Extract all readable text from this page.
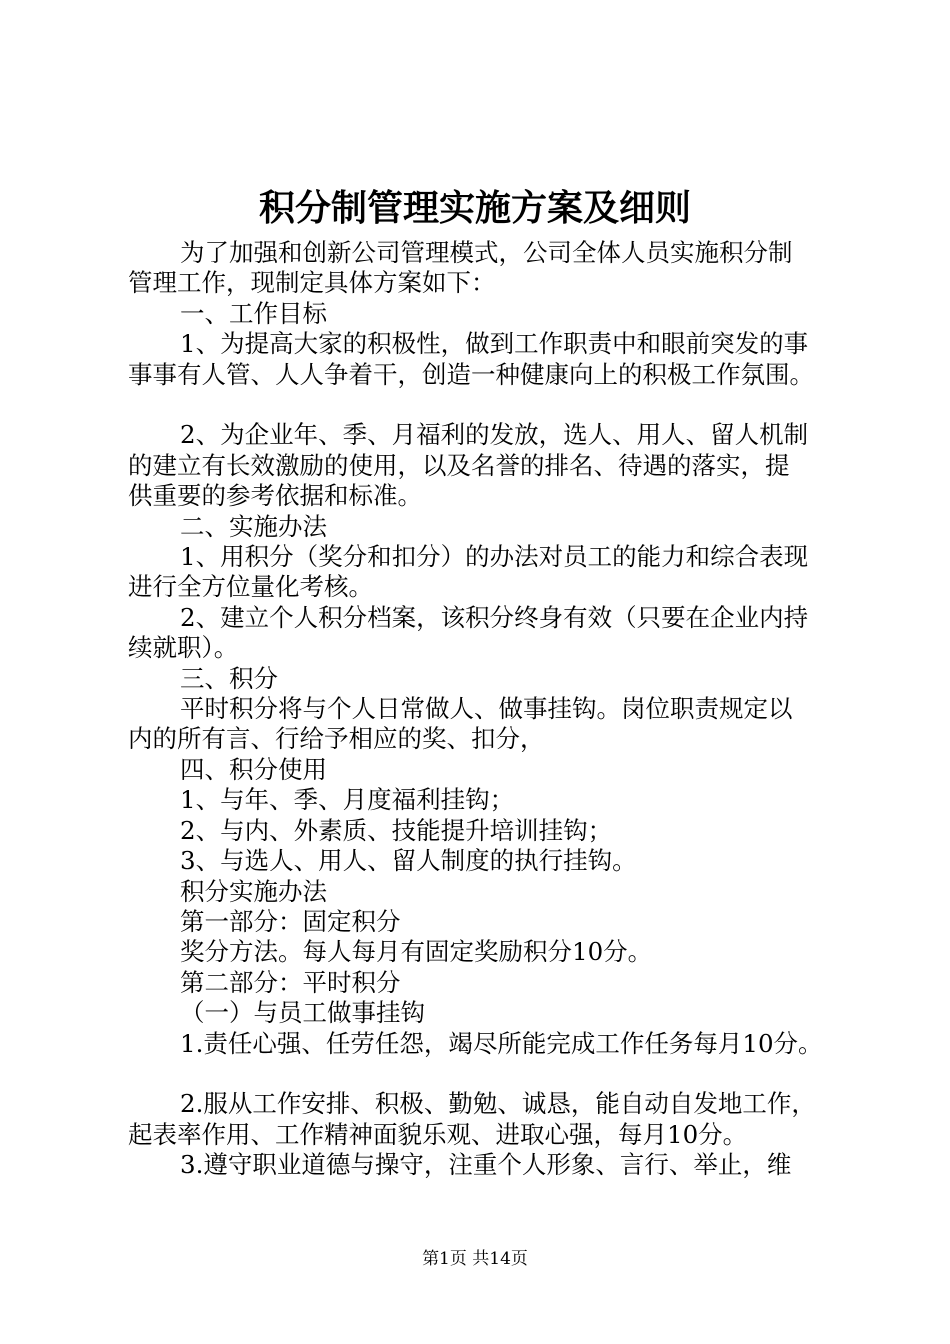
积分制管理实施方案及细则

为了加强和创新公司管理模式，公司全体人员实施积分制

管理工作，现制定具体方案如下：

一、工作目标

1、为提高大家的积极性，做到工作职责中和眼前突发的事

事事有人管、人人争着干，创造一种健康向上的积极工作氛围。

2、为企业年、季、月福利的发放，选人、用人、留人机制

的建立有长效激励的使用，以及名誉的排名、待遇的落实，提

供重要的参考依据和标准。

二、实施办法

1、用积分（奖分和扣分）的办法对员工的能力和综合表现

进行全方位量化考核。

2、建立个人积分档案，该积分终身有效（只要在企业内持

续就职）。

三、积分

平时积分将与个人日常做人、做事挂钩。岗位职责规定以

内的所有言、行给予相应的奖、扣分，

四、积分使用

1、与年、季、月度福利挂钩；

2、与内、外素质、技能提升培训挂钩；

3、与选人、用人、留人制度的执行挂钩。

积分实施办法

第一部分：固定积分

奖分方法。每人每月有固定奖励积分10分。

第二部分：平时积分

（一）与员工做事挂钩

1.责任心强、任劳任怨，竭尽所能完成工作任务每月10分。

2.服从工作安排、积极、勤勉、诚恳，能自动自发地工作，

起表率作用、工作精神面貌乐观、进取心强，每月10分。

3.遵守职业道德与操守，注重个人形象、言行、举止，维

第1页 共14页
